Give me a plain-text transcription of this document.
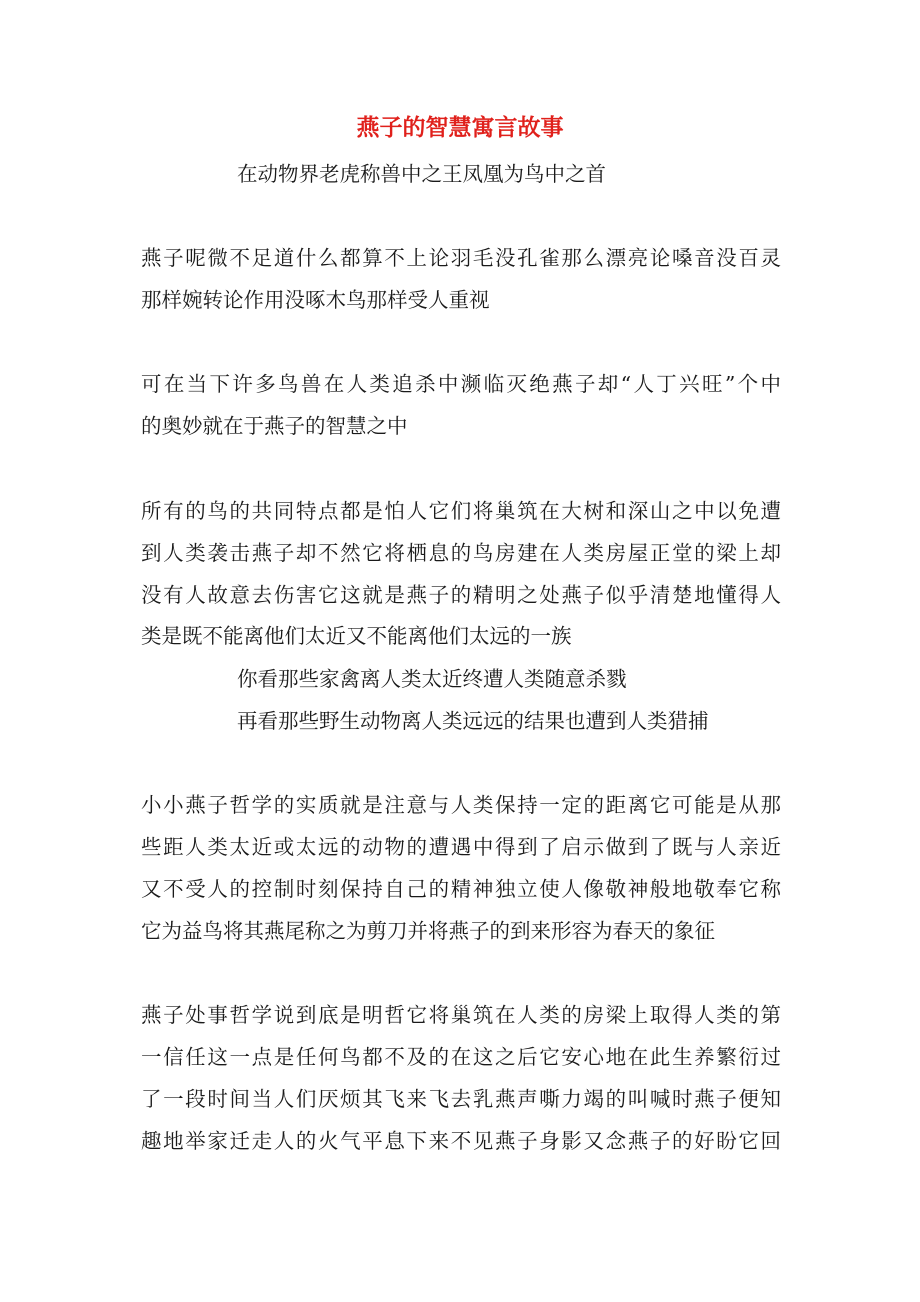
燕子的智慧寓言故事
在动物界老虎称兽中之王凤凰为鸟中之首
燕子呢微不足道什么都算不上论羽毛没孔雀那么漂亮论嗓音没百灵
那样婉转论作用没啄木鸟那样受人重视
可在当下许多鸟兽在人类追杀中濒临灭绝燕子却“人丁兴旺”个中
的奥妙就在于燕子的智慧之中
所有的鸟的共同特点都是怕人它们将巢筑在大树和深山之中以免遭
到人类袭击燕子却不然它将栖息的鸟房建在人类房屋正堂的梁上却
没有人故意去伤害它这就是燕子的精明之处燕子似乎清楚地懂得人
类是既不能离他们太近又不能离他们太远的一族
你看那些家禽离人类太近终遭人类随意杀戮
再看那些野生动物离人类远远的结果也遭到人类猎捕
小小燕子哲学的实质就是注意与人类保持一定的距离它可能是从那
些距人类太近或太远的动物的遭遇中得到了启示做到了既与人亲近
又不受人的控制时刻保持自己的精神独立使人像敬神般地敬奉它称
它为益鸟将其燕尾称之为剪刀并将燕子的到来形容为春天的象征
燕子处事哲学说到底是明哲它将巢筑在人类的房梁上取得人类的第
一信任这一点是任何鸟都不及的在这之后它安心地在此生养繁衍过
了一段时间当人们厌烦其飞来飞去乳燕声嘶力竭的叫喊时燕子便知
趣地举家迁走人的火气平息下来不见燕子身影又念燕子的好盼它回
